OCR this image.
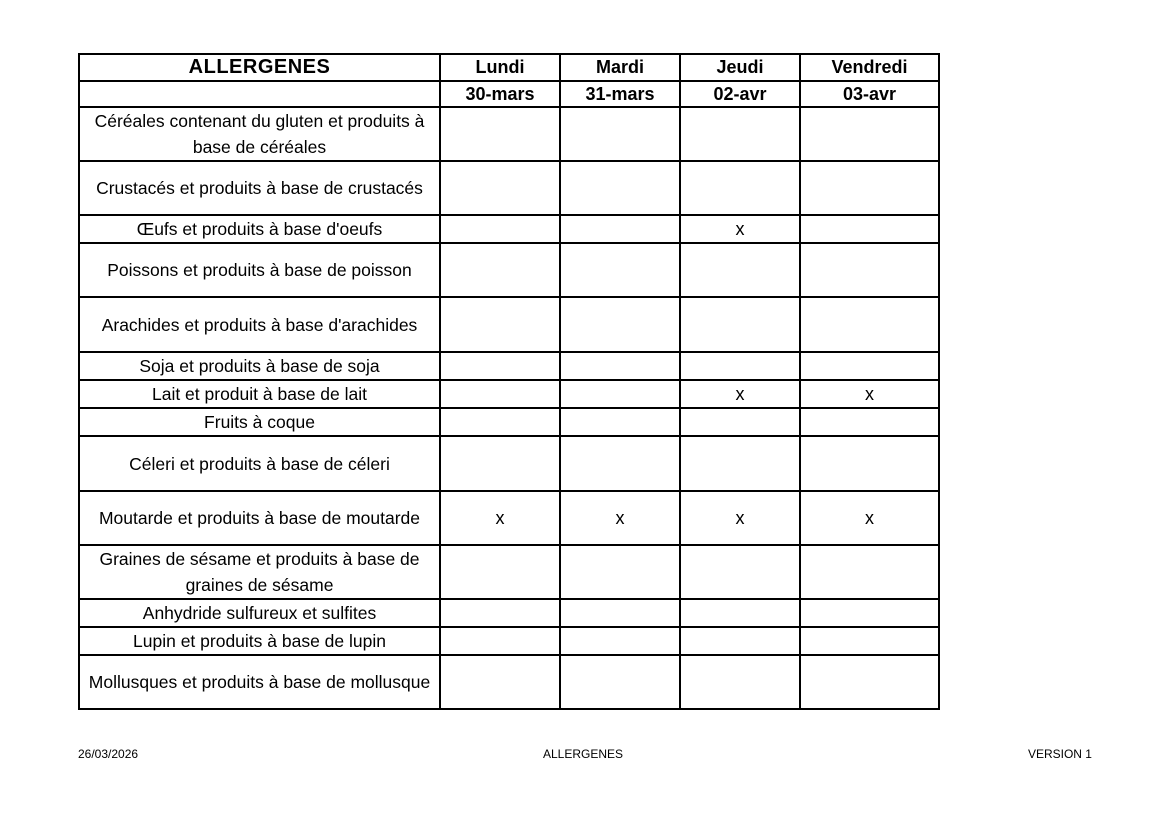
ALLERGENES	Lundi	Mardi	Jeudi	Vendredi
	30-mars	31-mars	02-avr	03-avr
Céréales contenant du gluten et produits à base de céréales				
Crustacés et produits à base de crustacés				
Œufs et produits à base d'oeufs			x	
Poissons et produits à base de poisson				
Arachides et produits à base d'arachides				
Soja et produits à base de soja				
Lait et produit à base de lait			x	x
Fruits à coque				
Céleri et produits à base de céleri				
Moutarde et produits à base de moutarde	x	x	x	x
Graines de sésame et produits à base de graines de sésame				
Anhydride sulfureux et sulfites				
Lupin et produits à base de lupin				
Mollusques et produits à base de mollusque				
26/03/2026	ALLERGENES	VERSION 1
